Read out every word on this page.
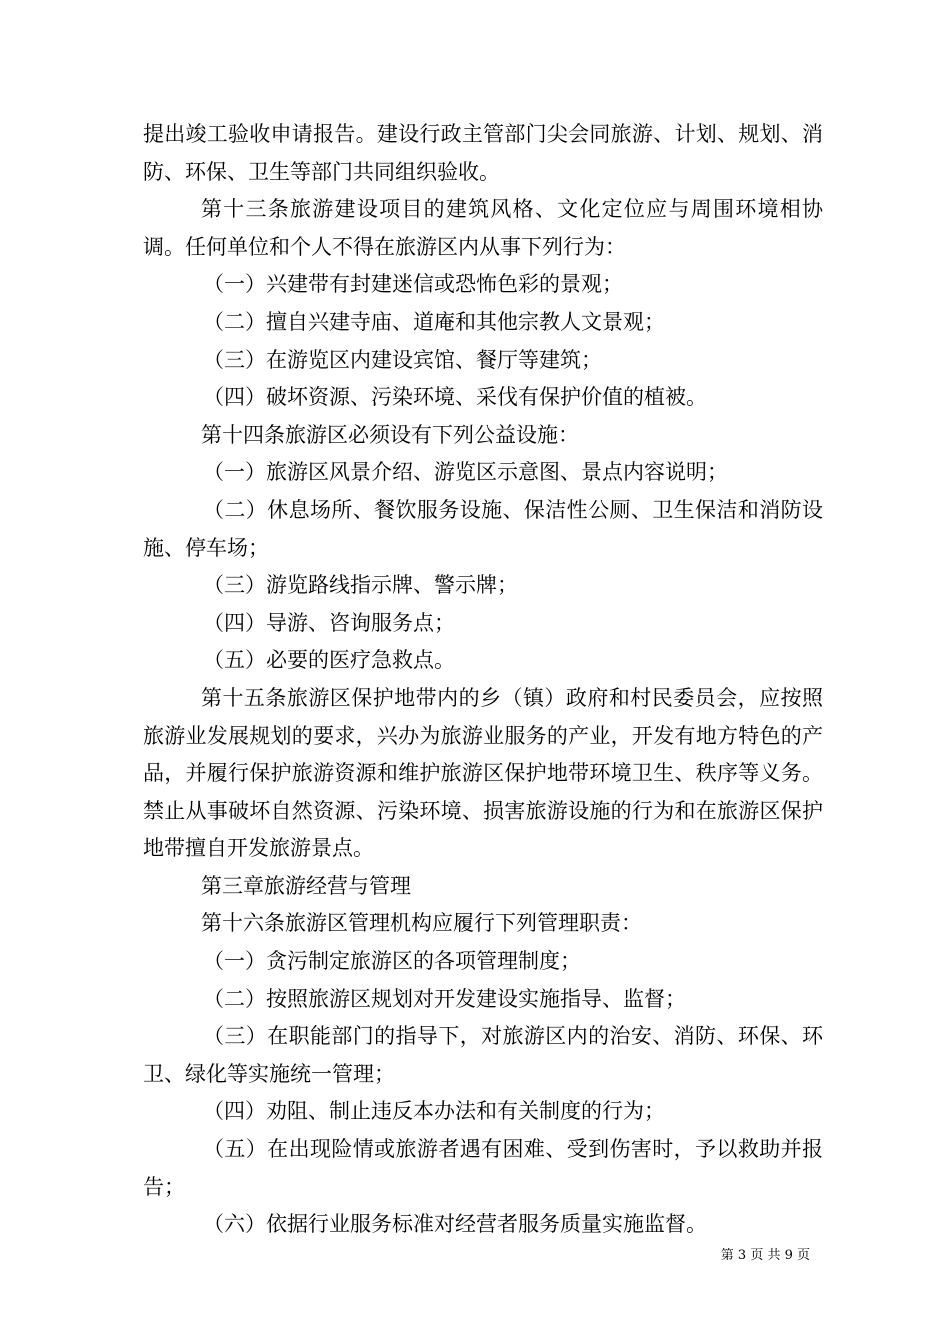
提出竣工验收申请报告。建设行政主管部门尖会同旅游、计划、规划、消防、环保、卫生等部门共同组织验收。

第十三条旅游建设项目的建筑风格、文化定位应与周围环境相协调。任何单位和个人不得在旅游区内从事下列行为：

（一）兴建带有封建迷信或恐怖色彩的景观；

（二）擅自兴建寺庙、道庵和其他宗教人文景观；

（三）在游览区内建设宾馆、餐厅等建筑；

（四）破坏资源、污染环境、采伐有保护价值的植被。

第十四条旅游区必须设有下列公益设施：

（一）旅游区风景介绍、游览区示意图、景点内容说明；

（二）休息场所、餐饮服务设施、保洁性公厕、卫生保洁和消防设施、停车场；

（三）游览路线指示牌、警示牌；

（四）导游、咨询服务点；

（五）必要的医疗急救点。

第十五条旅游区保护地带内的乡（镇）政府和村民委员会，应按照旅游业发展规划的要求，兴办为旅游业服务的产业，开发有地方特色的产品，并履行保护旅游资源和维护旅游区保护地带环境卫生、秩序等义务。禁止从事破坏自然资源、污染环境、损害旅游设施的行为和在旅游区保护地带擅自开发旅游景点。

第三章旅游经营与管理

第十六条旅游区管理机构应履行下列管理职责：

（一）贪污制定旅游区的各项管理制度；

（二）按照旅游区规划对开发建设实施指导、监督；

（三）在职能部门的指导下，对旅游区内的治安、消防、环保、环卫、绿化等实施统一管理；

（四）劝阻、制止违反本办法和有关制度的行为；

（五）在出现险情或旅游者遇有困难、受到伤害时，予以救助并报告；

（六）依据行业服务标准对经营者服务质量实施监督。

第 3 页 共 9 页
